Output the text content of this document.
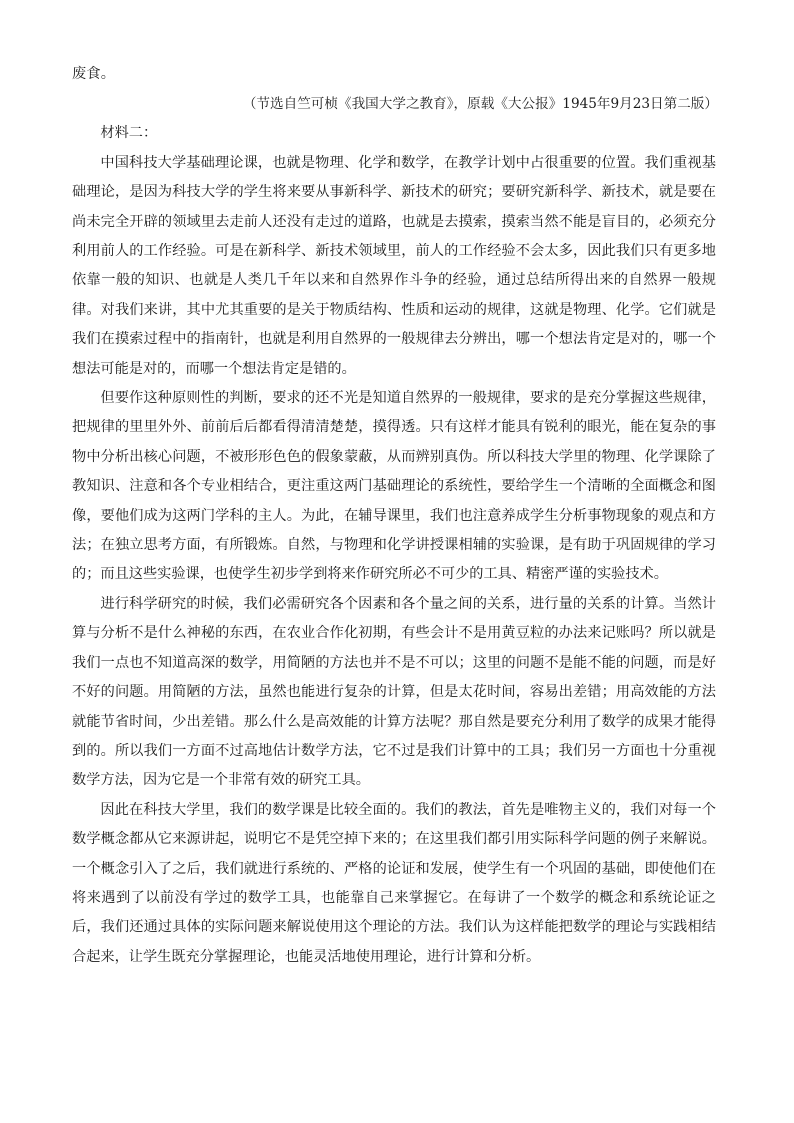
废食。
（节选自竺可桢《我国大学之教育》，原载《大公报》1945年9月23日第二版）

材料二：

中国科技大学基础理论课，也就是物理、化学和数学，在教学计划中占很重要的位置。我们重视基础理论，是因为科技大学的学生将来要从事新科学、新技术的研究；要研究新科学、新技术，就是要在尚未完全开辟的领域里去走前人还没有走过的道路，也就是去摸索，摸索当然不能是盲目的，必须充分利用前人的工作经验。可是在新科学、新技术领域里，前人的工作经验不会太多，因此我们只有更多地依靠一般的知识、也就是人类几千年以来和自然界作斗争的经验，通过总结所得出来的自然界一般规律。对我们来讲，其中尤其重要的是关于物质结构、性质和运动的规律，这就是物理、化学。它们就是我们在摸索过程中的指南针，也就是利用自然界的一般规律去分辨出，哪一个想法肯定是对的，哪一个想法可能是对的，而哪一个想法肯定是错的。

但要作这种原则性的判断，要求的还不光是知道自然界的一般规律，要求的是充分掌握这些规律，把规律的里里外外、前前后后都看得清清楚楚，摸得透。只有这样才能具有锐利的眼光，能在复杂的事物中分析出核心问题，不被形形色色的假象蒙蔽，从而辨别真伪。所以科技大学里的物理、化学课除了教知识、注意和各个专业相结合，更注重这两门基础理论的系统性，要给学生一个清晰的全面概念和图像，要他们成为这两门学科的主人。为此，在辅导课里，我们也注意养成学生分析事物现象的观点和方法；在独立思考方面，有所锻炼。自然，与物理和化学讲授课相辅的实验课，是有助于巩固规律的学习的；而且这些实验课，也使学生初步学到将来作研究所必不可少的工具、精密严谨的实验技术。

进行科学研究的时候，我们必需研究各个因素和各个量之间的关系，进行量的关系的计算。当然计算与分析不是什么神秘的东西，在农业合作化初期，有些会计不是用黄豆粒的办法来记账吗？所以就是我们一点也不知道高深的数学，用简陋的方法也并不是不可以；这里的问题不是能不能的问题，而是好不好的问题。用简陋的方法，虽然也能进行复杂的计算，但是太花时间，容易出差错；用高效能的方法就能节省时间，少出差错。那么什么是高效能的计算方法呢？那自然是要充分利用了数学的成果才能得到的。所以我们一方面不过高地估计数学方法，它不过是我们计算中的工具；我们另一方面也十分重视数学方法，因为它是一个非常有效的研究工具。

因此在科技大学里，我们的数学课是比较全面的。我们的教法，首先是唯物主义的，我们对每一个数学概念都从它来源讲起，说明它不是凭空掉下来的；在这里我们都引用实际科学问题的例子来解说。一个概念引入了之后，我们就进行系统的、严格的论证和发展，使学生有一个巩固的基础，即使他们在将来遇到了以前没有学过的数学工具，也能靠自己来掌握它。在每讲了一个数学的概念和系统论证之后，我们还通过具体的实际问题来解说使用这个理论的方法。我们认为这样能把数学的理论与实践相结合起来，让学生既充分掌握理论，也能灵活地使用理论，进行计算和分析。
